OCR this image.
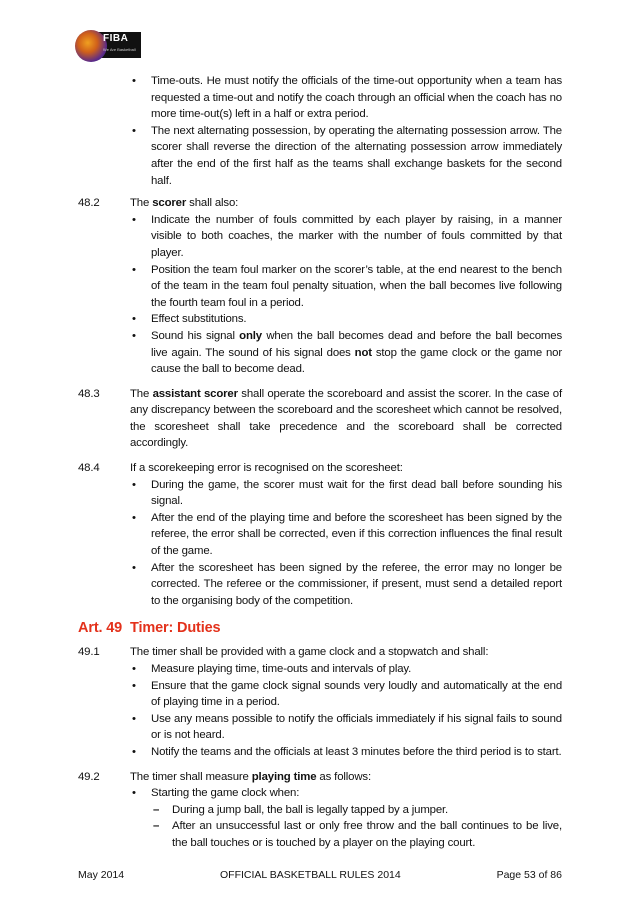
FIBA
We Are Basketball
• Time-outs. He must notify the officials of the time-out opportunity when a team has requested a time-out and notify the coach through an official when the coach has no more time-out(s) left in a half or extra period.
• The next alternating possession, by operating the alternating possession arrow. The scorer shall reverse the direction of the alternating possession arrow immediately after the end of the first half as the teams shall exchange baskets for the second half.
48.2	The scorer shall also:
• Indicate the number of fouls committed by each player by raising, in a manner visible to both coaches, the marker with the number of fouls committed by that player.
• Position the team foul marker on the scorer’s table, at the end nearest to the bench of the team in the team foul penalty situation, when the ball becomes live following the fourth team foul in a period.
• Effect substitutions.
• Sound his signal only when the ball becomes dead and before the ball becomes live again. The sound of his signal does not stop the game clock or the game nor cause the ball to become dead.
48.3	The assistant scorer shall operate the scoreboard and assist the scorer. In the case of any discrepancy between the scoreboard and the scoresheet which cannot be resolved, the scoresheet shall take precedence and the scoreboard shall be corrected accordingly.
48.4	If a scorekeeping error is recognised on the scoresheet:
• During the game, the scorer must wait for the first dead ball before sounding his signal.
• After the end of the playing time and before the scoresheet has been signed by the referee, the error shall be corrected, even if this correction influences the final result of the game.
• After the scoresheet has been signed by the referee, the error may no longer be corrected. The referee or the commissioner, if present, must send a detailed report to the organising body of the competition.
Art. 49 Timer: Duties
49.1	The timer shall be provided with a game clock and a stopwatch and shall:
• Measure playing time, time-outs and intervals of play.
• Ensure that the game clock signal sounds very loudly and automatically at the end of playing time in a period.
• Use any means possible to notify the officials immediately if his signal fails to sound or is not heard.
• Notify the teams and the officials at least 3 minutes before the third period is to start.
49.2	The timer shall measure playing time as follows:
• Starting the game clock when:
– During a jump ball, the ball is legally tapped by a jumper.
– After an unsuccessful last or only free throw and the ball continues to be live, the ball touches or is touched by a player on the playing court.
May 2014	OFFICIAL BASKETBALL RULES 2014	Page 53 of 86
